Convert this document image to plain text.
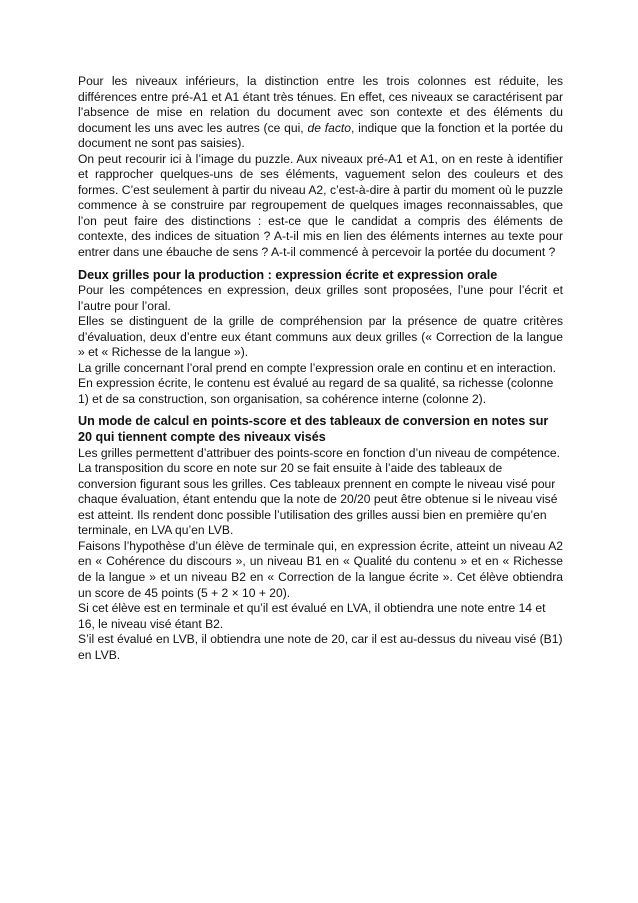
Pour les niveaux inférieurs, la distinction entre les trois colonnes est réduite, les différences entre pré-A1 et A1 étant très ténues. En effet, ces niveaux se caractérisent par l’absence de mise en relation du document avec son contexte et des éléments du document les uns avec les autres (ce qui, de facto, indique que la fonction et la portée du document ne sont pas saisies).

On peut recourir ici à l’image du puzzle. Aux niveaux pré-A1 et A1, on en reste à identifier et rapprocher quelques-uns de ses éléments, vaguement selon des couleurs et des formes. C’est seulement à partir du niveau A2, c’est-à-dire à partir du moment où le puzzle commence à se construire par regroupement de quelques images reconnaissables, que l’on peut faire des distinctions : est-ce que le candidat a compris des éléments de contexte, des indices de situation ? A-t-il mis en lien des éléments internes au texte pour entrer dans une ébauche de sens ? A-t-il commencé à percevoir la portée du document ?

Deux grilles pour la production : expression écrite et expression orale

Pour les compétences en expression, deux grilles sont proposées, l’une pour l’écrit et l’autre pour l’oral.

Elles se distinguent de la grille de compréhension par la présence de quatre critères d’évaluation, deux d’entre eux étant communs aux deux grilles (« Correction de la langue » et « Richesse de la langue »).

La grille concernant l’oral prend en compte l’expression orale en continu et en interaction. En expression écrite, le contenu est évalué au regard de sa qualité, sa richesse (colonne 1) et de sa construction, son organisation, sa cohérence interne (colonne 2).

Un mode de calcul en points-score et des tableaux de conversion en notes sur 20 qui tiennent compte des niveaux visés

Les grilles permettent d’attribuer des points-score en fonction d’un niveau de compétence. La transposition du score en note sur 20 se fait ensuite à l’aide des tableaux de conversion figurant sous les grilles. Ces tableaux prennent en compte le niveau visé pour chaque évaluation, étant entendu que la note de 20/20 peut être obtenue si le niveau visé est atteint. Ils rendent donc possible l’utilisation des grilles aussi bien en première qu’en terminale, en LVA qu’en LVB.

Faisons l’hypothèse d’un élève de terminale qui, en expression écrite, atteint un niveau A2 en « Cohérence du discours », un niveau B1 en « Qualité du contenu » et en « Richesse de la langue » et un niveau B2 en « Correction de la langue écrite ». Cet élève obtiendra un score de 45 points (5 + 2 × 10 + 20).

Si cet élève est en terminale et qu’il est évalué en LVA, il obtiendra une note entre 14 et 16, le niveau visé étant B2.

S’il est évalué en LVB, il obtiendra une note de 20, car il est au-dessus du niveau visé (B1) en LVB.
